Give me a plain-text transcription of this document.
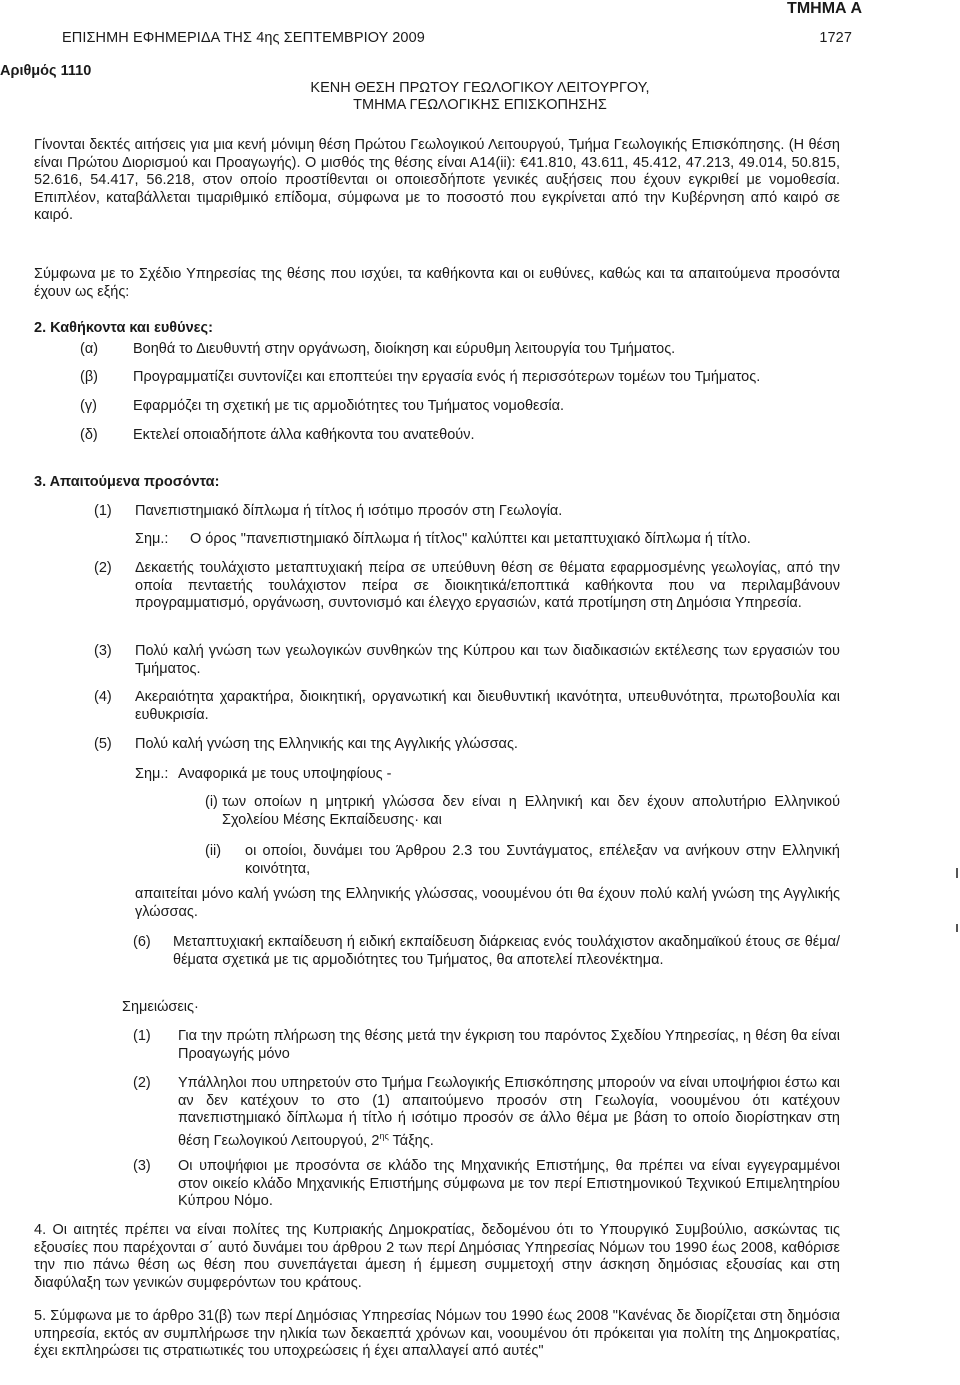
ΤΜΗΜΑ Α
ΕΠΙΣΗΜΗ ΕΦΗΜΕΡΙΔΑ ΤΗΣ 4ης ΣΕΠΤΕΜΒΡΙΟΥ 2009	1727
Αριθμός 1110
ΚΕΝΗ ΘΕΣΗ ΠΡΩΤΟΥ ΓΕΩΛΟΓΙΚΟΥ ΛΕΙΤΟΥΡΓΟΥ,
ΤΜΗΜΑ ΓΕΩΛΟΓΙΚΗΣ ΕΠΙΣΚΟΠΗΣΗΣ
Γίνονται δεκτές αιτήσεις για μια κενή μόνιμη θέση Πρώτου Γεωλογικού Λειτουργού, Τμήμα Γεωλογικής Επισκόπησης. (Η θέση είναι Πρώτου Διορισμού και Προαγωγής). Ο μισθός της θέσης είναι Α14(ii): €41.810, 43.611, 45.412, 47.213, 49.014, 50.815, 52.616, 54.417, 56.218, στον οποίο προστίθενται οι οποιεσδήποτε γενικές αυξήσεις που έχουν εγκριθεί με νομοθεσία. Επιπλέον, καταβάλλεται τιμαριθμικό επίδομα, σύμφωνα με το ποσοστό που εγκρίνεται από την Κυβέρνηση από καιρό σε καιρό.
Σύμφωνα με το Σχέδιο Υπηρεσίας της θέσης που ισχύει, τα καθήκοντα και οι ευθύνες, καθώς και τα απαιτούμενα προσόντα έχουν ως εξής:
2. Καθήκοντα και ευθύνες:
(α) Βοηθά το Διευθυντή στην οργάνωση, διοίκηση και εύρυθμη λειτουργία του Τμήματος.
(β) Προγραμματίζει συντονίζει και εποπτεύει την εργασία ενός ή περισσότερων τομέων του Τμήματος.
(γ) Εφαρμόζει τη σχετική με τις αρμοδιότητες του Τμήματος νομοθεσία.
(δ) Εκτελεί οποιαδήποτε άλλα καθήκοντα του ανατεθούν.
3. Απαιτούμενα προσόντα:
(1) Πανεπιστημιακό δίπλωμα ή τίτλος ή ισότιμο προσόν στη Γεωλογία.
Σημ.: Ο όρος "πανεπιστημιακό δίπλωμα ή τίτλος" καλύπτει και μεταπτυχιακό δίπλωμα ή τίτλο.
(2) Δεκαετής τουλάχιστο μεταπτυχιακή πείρα σε υπεύθυνη θέση σε θέματα εφαρμοσμένης γεωλογίας, από την οποία πενταετής τουλάχιστον πείρα σε διοικητικά/εποπτικά καθήκοντα που να περιλαμβάνουν προγραμματισμό, οργάνωση, συντονισμό και έλεγχο εργασιών, κατά προτίμηση στη Δημόσια Υπηρεσία.
(3) Πολύ καλή γνώση των γεωλογικών συνθηκών της Κύπρου και των διαδικασιών εκτέλεσης των εργασιών του Τμήματος.
(4) Ακεραιότητα χαρακτήρα, διοικητική, οργανωτική και διευθυντική ικανότητα, υπευθυνότητα, πρωτοβουλία και ευθυκρισία.
(5) Πολύ καλή γνώση της Ελληνικής και της Αγγλικής γλώσσας.
Σημ.: Αναφορικά με τους υποψηφίους -
(i) των οποίων η μητρική γλώσσα δεν είναι η Ελληνική και δεν έχουν απολυτήριο Ελληνικού Σχολείου Μέσης Εκπαίδευσης· και
(ii) οι οποίοι, δυνάμει του Άρθρου 2.3 του Συντάγματος, επέλεξαν να ανήκουν στην Ελληνική κοινότητα,
απαιτείται μόνο καλή γνώση της Ελληνικής γλώσσας, νοουμένου ότι θα έχουν πολύ καλή γνώση της Αγγλικής γλώσσας.
(6) Μεταπτυχιακή εκπαίδευση ή ειδική εκπαίδευση διάρκειας ενός τουλάχιστον ακαδημαϊκού έτους σε θέμα/θέματα σχετικά με τις αρμοδιότητες του Τμήματος, θα αποτελεί πλεονέκτημα.
Σημειώσεις·
(1) Για την πρώτη πλήρωση της θέσης μετά την έγκριση του παρόντος Σχεδίου Υπηρεσίας, η θέση θα είναι Προαγωγής μόνο
(2) Υπάλληλοι που υπηρετούν στο Τμήμα Γεωλογικής Επισκόπησης μπορούν να είναι υποψήφιοι έστω και αν δεν κατέχουν το στο (1) απαιτούμενο προσόν στη Γεωλογία, νοουμένου ότι κατέχουν πανεπιστημιακό δίπλωμα ή τίτλο ή ισότιμο προσόν σε άλλο θέμα με βάση το οποίο διορίστηκαν στη θέση Γεωλογικού Λειτουργού, $2^{\eta\varsigma}$ Τάξης.
(3) Οι υποψήφιοι με προσόντα σε κλάδο της Μηχανικής Επιστήμης, θα πρέπει να είναι εγγεγραμμένοι στον οικείο κλάδο Μηχανικής Επιστήμης σύμφωνα με τον περί Επιστημονικού Τεχνικού Επιμελητηρίου Κύπρου Νόμο.
4. Οι αιτητές πρέπει να είναι πολίτες της Κυπριακής Δημοκρατίας, δεδομένου ότι το Υπουργικό Συμβούλιο, ασκώντας τις εξουσίες που παρέχονται σ΄ αυτό δυνάμει του άρθρου 2 των περί Δημόσιας Υπηρεσίας Νόμων του 1990 έως 2008, καθόρισε την πιο πάνω θέση ως θέση που συνεπάγεται άμεση ή έμμεση συμμετοχή στην άσκηση δημόσιας εξουσίας και στη διαφύλαξη των γενικών συμφερόντων του κράτους.
5. Σύμφωνα με το άρθρο 31(β) των περί Δημόσιας Υπηρεσίας Νόμων του 1990 έως 2008 "Κανένας δε διορίζεται στη δημόσια υπηρεσία, εκτός αν συμπλήρωσε την ηλικία των δεκαεπτά χρόνων και, νοουμένου ότι πρόκειται για πολίτη της Δημοκρατίας, έχει εκπληρώσει τις στρατιωτικές του υποχρεώσεις ή έχει απαλλαγεί από αυτές"
